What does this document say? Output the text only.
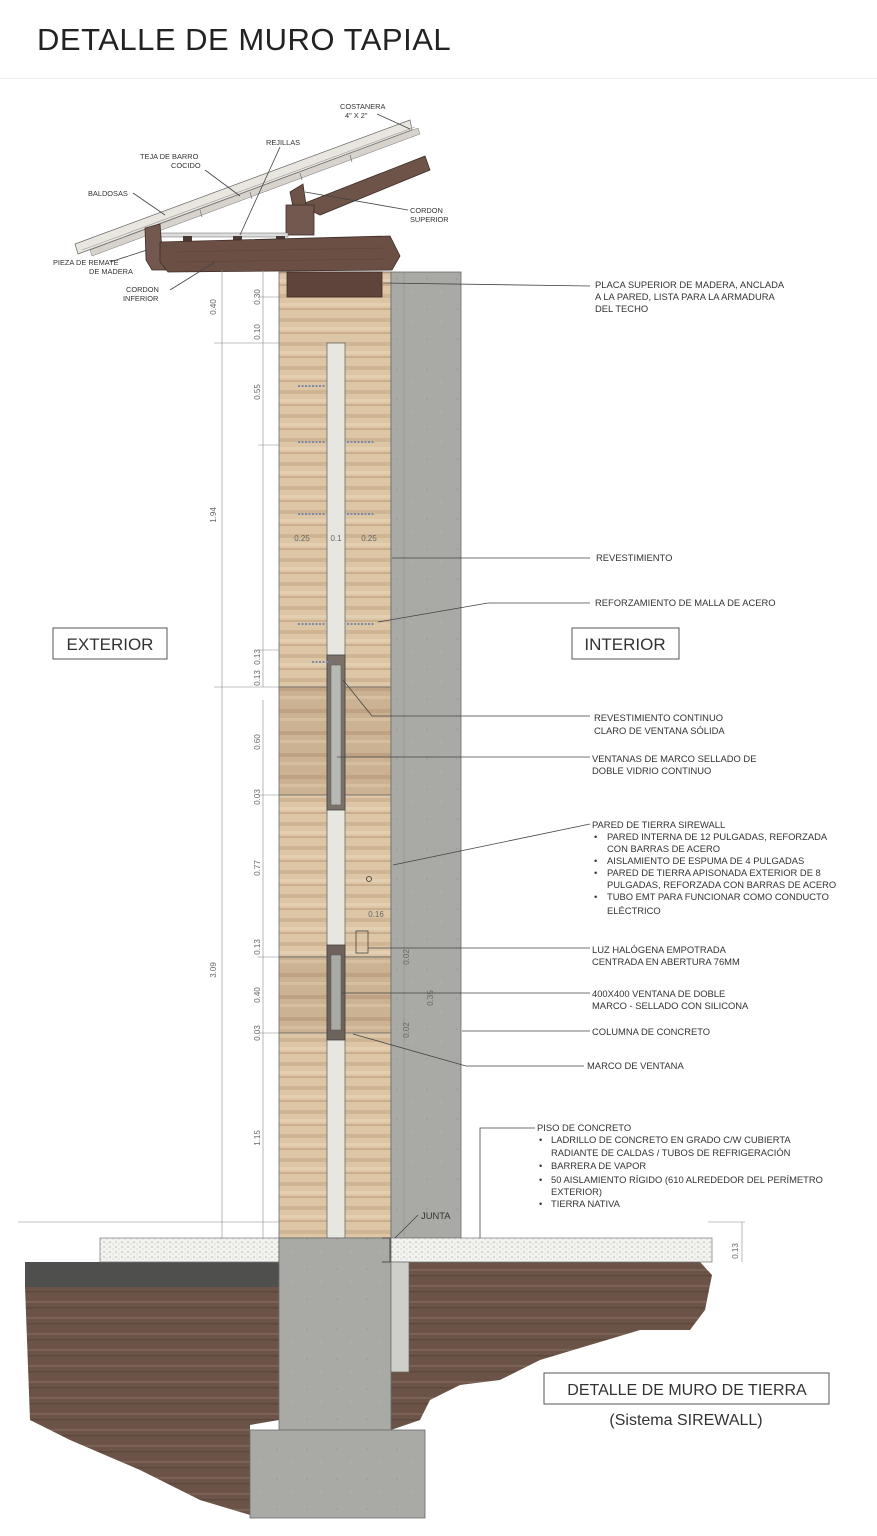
DETALLE DE MURO TAPIAL
COSTANERA
4" X 2"
REJILLAS
TEJA DE BARRO
COCIDO
BALDOSAS
CORDON
SUPERIOR
PIEZA DE REMATE
DE MADERA
CORDON
INFERIOR
EXTERIOR	INTERIOR
PLACA SUPERIOR DE MADERA, ANCLADA
A LA PARED, LISTA PARA LA ARMADURA
DEL TECHO
REVESTIMIENTO
REFORZAMIENTO DE MALLA DE ACERO
REVESTIMIENTO CONTINUO
CLARO DE VENTANA SÓLIDA
VENTANAS DE MARCO SELLADO DE
DOBLE VIDRIO CONTINUO
PARED DE TIERRA SIREWALL
• PARED INTERNA DE 12 PULGADAS, REFORZADA
CON BARRAS DE ACERO
• AISLAMIENTO DE ESPUMA DE 4 PULGADAS
• PARED DE TIERRA APISONADA EXTERIOR DE 8
PULGADAS, REFORZADA CON BARRAS DE ACERO
• TUBO EMT PARA FUNCIONAR COMO CONDUCTO
ELÉCTRICO
LUZ HALÓGENA EMPOTRADA
CENTRADA EN ABERTURA 76MM
400X400 VENTANA DE DOBLE
MARCO - SELLADO CON SILICONA
COLUMNA DE CONCRETO
MARCO DE VENTANA
PISO DE CONCRETO
• LADRILLO DE CONCRETO EN GRADO C/W CUBIERTA
RADIANTE DE CALDAS / TUBOS DE REFRIGERACIÓN
• BARRERA DE VAPOR
• 50 AISLAMIENTO RÍGIDO (610 ALREDEDOR DEL PERÍMETRO
EXTERIOR)
• TIERRA NATIVA
JUNTA
0.40
0.30
0.10
0.55
1.94
0.25	0.1 0.25
0.13
0.13
0.60
0.03
0.77
0.16
0.13
3.09
0.40
0.03
1.15
0.13
0.02
0.35
0.02
DETALLE DE MURO DE TIERRA
(Sistema SIREWALL)
